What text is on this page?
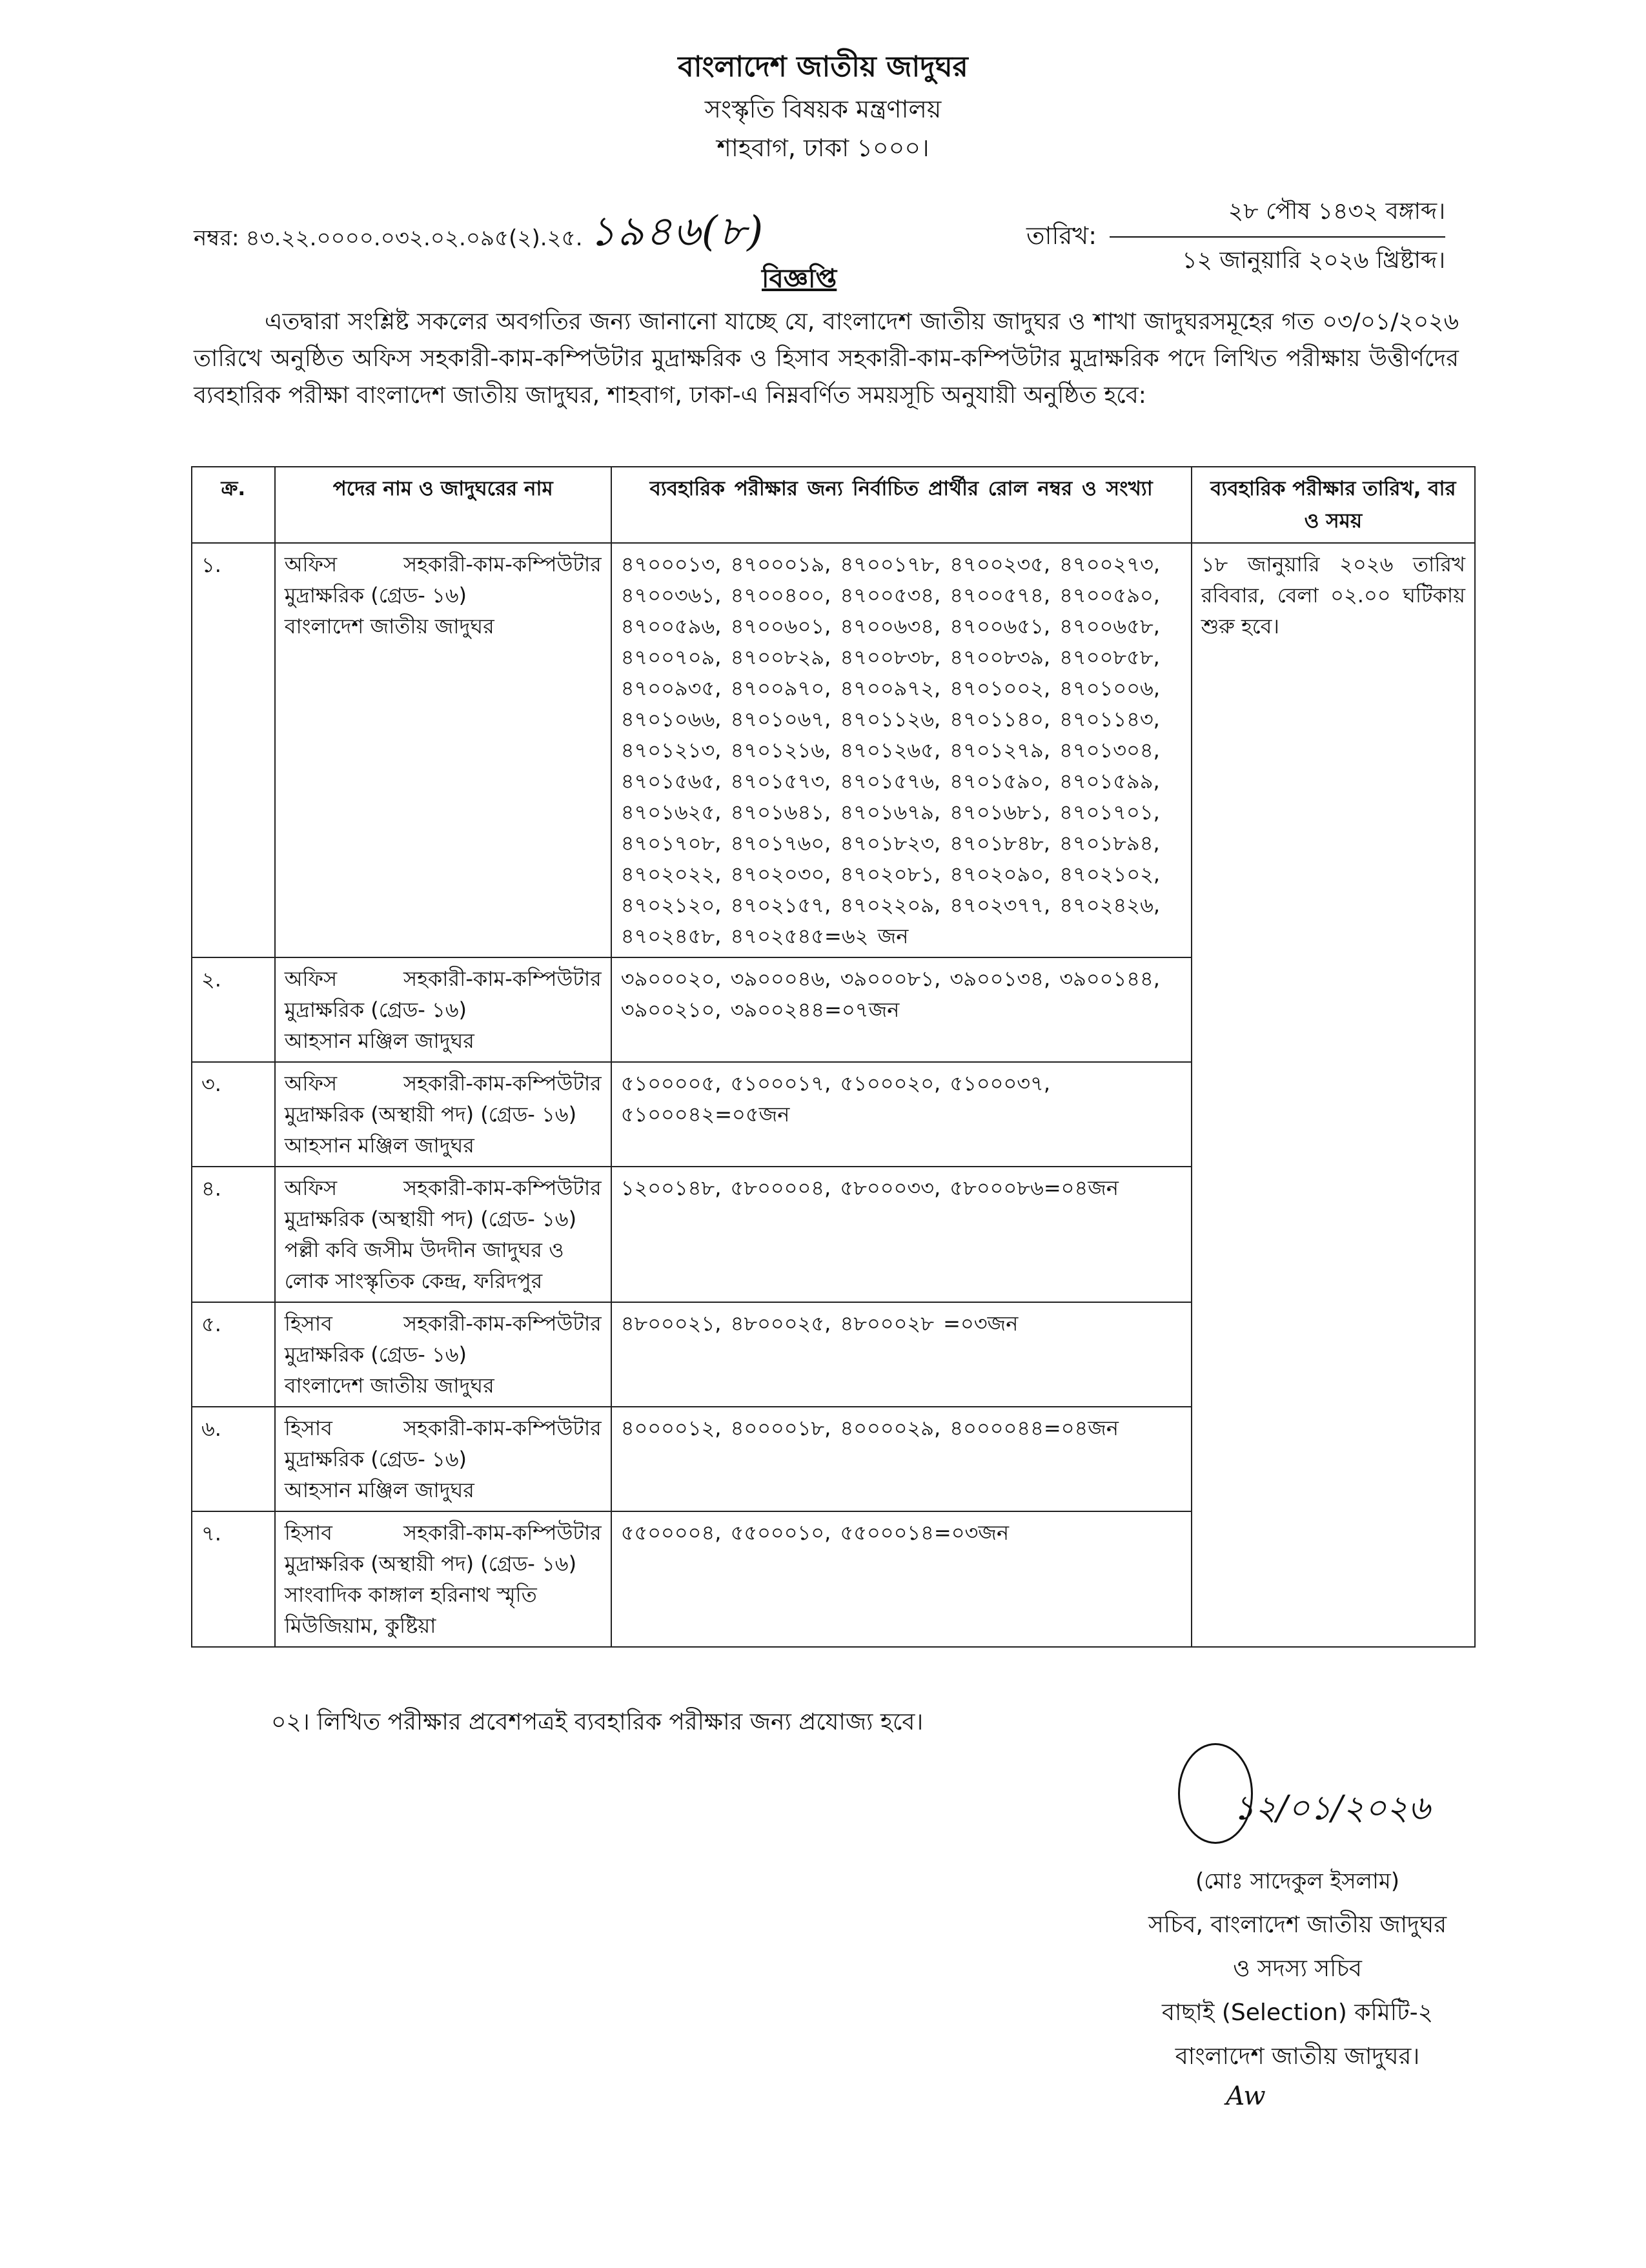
বাংলাদেশ জাতীয় জাদুঘর
সংস্কৃতি বিষয়ক মন্ত্রণালয়
শাহবাগ, ঢাকা ১০০০।
নম্বর: ৪৩.২২.০০০০.০৩২.০২.০৯৫(২).২৫. ১৯৪৬(৮)	তারিখ: $\frac{\text{২৮ পৌষ ১৪৩২ বঙ্গাব্দ।}}{\text{১২ জানুয়ারি ২০২৬ খ্রিষ্টাব্দ।}}$
বিজ্ঞপ্তি
এতদ্বারা সংশ্লিষ্ট সকলের অবগতির জন্য জানানো যাচ্ছে যে, বাংলাদেশ জাতীয় জাদুঘর ও শাখা জাদুঘরসমূহের গত ০৩/০১/২০২৬ তারিখে অনুষ্ঠিত অফিস সহকারী-কাম-কম্পিউটার মুদ্রাক্ষরিক ও হিসাব সহকারী-কাম-কম্পিউটার মুদ্রাক্ষরিক পদে লিখিত পরীক্ষায় উত্তীর্ণদের ব্যবহারিক পরীক্ষা বাংলাদেশ জাতীয় জাদুঘর, শাহবাগ, ঢাকা-এ নিম্নবর্ণিত সময়সূচি অনুযায়ী অনুষ্ঠিত হবে:
ক্র.	পদের নাম ও জাদুঘরের নাম	ব্যবহারিক পরীক্ষার জন্য নির্বাচিত প্রার্থীর রোল নম্বর ও সংখ্যা	ব্যবহারিক পরীক্ষার তারিখ, বার ও সময়
১.	অফিস সহকারী-কাম-কম্পিউটার মুদ্রাক্ষরিক (গ্রেড- ১৬)
বাংলাদেশ জাতীয় জাদুঘর	৪৭০০০১৩, ৪৭০০০১৯, ৪৭০০১৭৮, ৪৭০০২৩৫, ৪৭০০২৭৩, ৪৭০০৩৬১, ৪৭০০৪০০, ৪৭০০৫৩৪, ৪৭০০৫৭৪, ৪৭০০৫৯০, ৪৭০০৫৯৬, ৪৭০০৬০১, ৪৭০০৬৩৪, ৪৭০০৬৫১, ৪৭০০৬৫৮, ৪৭০০৭০৯, ৪৭০০৮২৯, ৪৭০০৮৩৮, ৪৭০০৮৩৯, ৪৭০০৮৫৮, ৪৭০০৯৩৫, ৪৭০০৯৭০, ৪৭০০৯৭২, ৪৭০১০০২, ৪৭০১০০৬, ৪৭০১০৬৬, ৪৭০১০৬৭, ৪৭০১১২৬, ৪৭০১১৪০, ৪৭০১১৪৩, ৪৭০১২১৩, ৪৭০১২১৬, ৪৭০১২৬৫, ৪৭০১২৭৯, ৪৭০১৩০৪, ৪৭০১৫৬৫, ৪৭০১৫৭৩, ৪৭০১৫৭৬, ৪৭০১৫৯০, ৪৭০১৫৯৯, ৪৭০১৬২৫, ৪৭০১৬৪১, ৪৭০১৬৭৯, ৪৭০১৬৮১, ৪৭০১৭০১, ৪৭০১৭০৮, ৪৭০১৭৬০, ৪৭০১৮২৩, ৪৭০১৮৪৮, ৪৭০১৮৯৪, ৪৭০২০২২, ৪৭০২০৩০, ৪৭০২০৮১, ৪৭০২০৯০, ৪৭০২১০২, ৪৭০২১২০, ৪৭০২১৫৭, ৪৭০২২০৯, ৪৭০২৩৭৭, ৪৭০২৪২৬, ৪৭০২৪৫৮, ৪৭০২৫৪৫=৬২ জন	১৮ জানুয়ারি ২০২৬ তারিখ রবিবার, বেলা ০২.০০ ঘটিকায় শুরু হবে।
২.	অফিস সহকারী-কাম-কম্পিউটার মুদ্রাক্ষরিক (গ্রেড- ১৬)
আহসান মঞ্জিল জাদুঘর	৩৯০০০২০, ৩৯০০০৪৬, ৩৯০০০৮১, ৩৯০০১৩৪, ৩৯০০১৪৪, ৩৯০০২১০, ৩৯০০২৪৪=০৭জন	
৩.	অফিস সহকারী-কাম-কম্পিউটার মুদ্রাক্ষরিক (অস্থায়ী পদ) (গ্রেড- ১৬)
আহসান মঞ্জিল জাদুঘর	৫১০০০০৫, ৫১০০০১৭, ৫১০০০২০, ৫১০০০৩৭, ৫১০০০৪২=০৫জন	
৪.	অফিস সহকারী-কাম-কম্পিউটার মুদ্রাক্ষরিক (অস্থায়ী পদ) (গ্রেড- ১৬)
পল্লী কবি জসীম উদদীন জাদুঘর ও লোক সাংস্কৃতিক কেন্দ্র, ফরিদপুর	১২০০১৪৮, ৫৮০০০০৪, ৫৮০০০৩৩, ৫৮০০০৮৬=০৪জন	
৫.	হিসাব সহকারী-কাম-কম্পিউটার মুদ্রাক্ষরিক (গ্রেড- ১৬)
বাংলাদেশ জাতীয় জাদুঘর	৪৮০০০২১, ৪৮০০০২৫, ৪৮০০০২৮ =০৩জন	
৬.	হিসাব সহকারী-কাম-কম্পিউটার মুদ্রাক্ষরিক (গ্রেড- ১৬)
আহসান মঞ্জিল জাদুঘর	৪০০০০১২, ৪০০০০১৮, ৪০০০০২৯, ৪০০০০৪৪=০৪জন	
৭.	হিসাব সহকারী-কাম-কম্পিউটার মুদ্রাক্ষরিক (অস্থায়ী পদ) (গ্রেড- ১৬)
সাংবাদিক কাঙ্গাল হরিনাথ স্মৃতি মিউজিয়াম, কুষ্টিয়া	৫৫০০০০৪, ৫৫০০০১০, ৫৫০০০১৪=০৩জন	
০২। লিখিত পরীক্ষার প্রবেশপত্রই ব্যবহারিক পরীক্ষার জন্য প্রযোজ্য হবে।
১২/০১/২০২৬
(মোঃ সাদেকুল ইসলাম)
সচিব, বাংলাদেশ জাতীয় জাদুঘর
ও সদস্য সচিব
বাছাই (Selection) কমিটি-২
বাংলাদেশ জাতীয় জাদুঘর।
Aw
